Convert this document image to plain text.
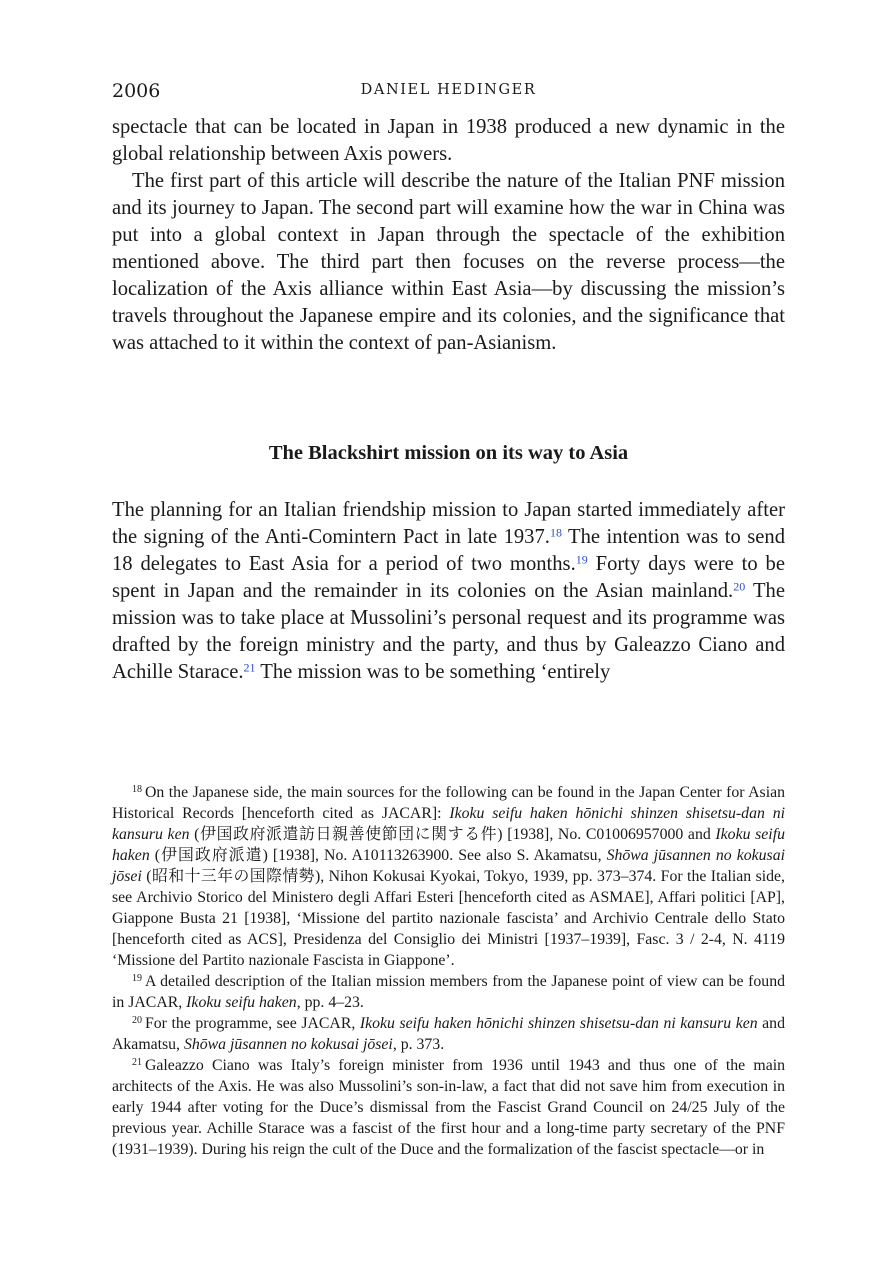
2006	DANIEL HEDINGER

spectacle that can be located in Japan in 1938 produced a new dynamic in the global relationship between Axis powers.

The first part of this article will describe the nature of the Italian PNF mission and its journey to Japan. The second part will examine how the war in China was put into a global context in Japan through the spectacle of the exhibition mentioned above. The third part then focuses on the reverse process—the localization of the Axis alliance within East Asia—by discussing the mission’s travels throughout the Japanese empire and its colonies, and the significance that was attached to it within the context of pan-Asianism.

The Blackshirt mission on its way to Asia

The planning for an Italian friendship mission to Japan started immediately after the signing of the Anti-Comintern Pact in late 1937.18 The intention was to send 18 delegates to East Asia for a period of two months.$^{19}$ Forty days were to be spent in Japan and the remainder in its colonies on the Asian mainland.$^{20}$ The mission was to take place at Mussolini’s personal request and its programme was drafted by the foreign ministry and the party, and thus by Galeazzo Ciano and Achille Starace.$^{21}$ The mission was to be something ‘entirely

$^{18}$ On the Japanese side, the main sources for the following can be found in the Japan Center for Asian Historical Records [henceforth cited as JACAR]: Ikoku seifu haken hōnichi shinzen shisetsu-dan ni kansuru ken (伊国政府派遣訪日親善使節団に関する件) [1938], No. C01006957000 and Ikoku seifu haken (伊国政府派遣) [1938], No. A10113263900. See also S. Akamatsu, Shōwa jūsannen no kokusai jōsei (昭和十三年の国際情勢), Nihon Kokusai Kyokai, Tokyo, 1939, pp. 373–374. For the Italian side, see Archivio Storico del Ministero degli Affari Esteri [henceforth cited as ASMAE], Affari politici [AP], Giappone Busta 21 [1938], ‘Missione del partito nazionale fascista’ and Archivio Centrale dello Stato [henceforth cited as ACS], Presidenza del Consiglio dei Ministri [1937–1939], Fasc. 3 / 2-4, N. 4119 ‘Missione del Partito nazionale Fascista in Giappone’.

$^{19}$ A detailed description of the Italian mission members from the Japanese point of view can be found in JACAR, Ikoku seifu haken, pp. 4–23.

$^{20}$ For the programme, see JACAR, Ikoku seifu haken hōnichi shinzen shisetsu-dan ni kansuru ken and Akamatsu, Shōwa jūsannen no kokusai jōsei, p. 373.

$^{21}$ Galeazzo Ciano was Italy’s foreign minister from 1936 until 1943 and thus one of the main architects of the Axis. He was also Mussolini’s son-in-law, a fact that did not save him from execution in early 1944 after voting for the Duce’s dismissal from the Fascist Grand Council on 24/25 July of the previous year. Achille Starace was a fascist of the first hour and a long-time party secretary of the PNF (1931–1939). During his reign the cult of the Duce and the formalization of the fascist spectacle—or in
